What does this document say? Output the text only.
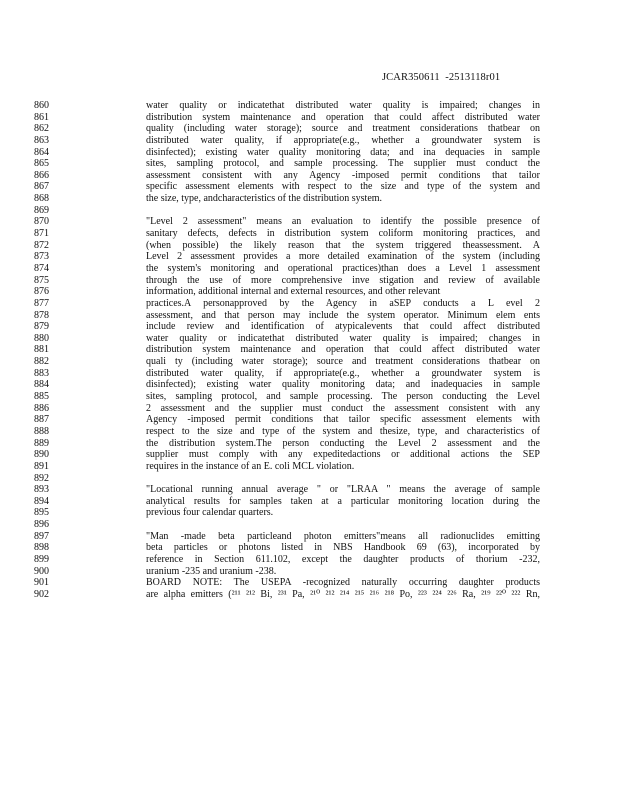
JCAR350611  -2513118r01
860
861
862
863
864
865
866
867
868
869
870
871
872
873
874
875
876
877
878
879
880
881
882
883
884
885
886
887
888
889
890
891
892
893
894
895
896
897
898
899
900
901
902
water quality or indicatethat distributed water quality is impaired; changes in
distribution system maintenance and operation that could affect distributed water
quality (including water storage); source and treatment considerations thatbear on
distributed water quality, if appropriate(e.g., whether a groundwater system is
disinfected); existing water quality monitoring data; and ina dequacies in sample
sites, sampling protocol, and sample processing. The supplier must conduct the
assessment consistent with any Agency -imposed permit conditions that tailor
specific assessment elements with respect to the size and type of the system and
the size, type, andcharacteristics of the distribution system.
"Level 2 assessment" means an evaluation to identify the possible presence of
sanitary defects, defects in distribution system coliform monitoring practices, and
(when possible) the likely reason that the system triggered theassessment. A
Level 2 assessment provides a more detailed examination of the system (including
the system's monitoring and operational practices)than does a Level 1 assessment
through the use of more comprehensive inve stigation and review of available
information, additional internal and external resources, and other relevant
practices.A personapproved by the Agency in aSEP conducts a L evel 2
assessment, and that person may include the system operator. Minimum elem ents
include review and identification of atypicalevents that could affect distributed
water quality or indicatethat distributed water quality is impaired; changes in
distribution system maintenance and operation that could affect distributed water
quali ty (including water storage); source and treatment considerations thatbear on
distributed water quality, if appropriate(e.g., whether a groundwater system is
disinfected); existing water quality monitoring data; and inadequacies in sample
sites, sampling protocol, and sample processing. The person conducting the Level
2 assessment and the supplier must conduct the assessment consistent with any
Agency -imposed permit conditions that tailor specific assessment elements with
respect to the size and type of the system and thesize, type, and characteristics of
the distribution system.The person conducting the Level 2 assessment and the
supplier must comply with any expeditedactions or additional actions the SEP
requires in the instance of an E. coli MCL violation.
"Locational running annual average " or "LRAA " means the average of sample
analytical results for samples taken at a particular monitoring location during the
previous four calendar quarters.
"Man -made beta particleand photon emitters"means all radionuclides emitting
beta particles or photons listed in NBS Handbook 69 (63), incorporated by
reference in Section 611.102, except the daughter products of thorium -232,
uranium -235 and uranium -238.
BOARD NOTE: The USEPA -recognized naturally occurring daughter products
are alpha emitters (²¹¹ ²¹² Bi, ²³¹ Pa, ²¹⁰ ²¹² ²¹⁴ ²¹⁵ ²¹⁶ ²¹⁸ Po, ²²³ ²²⁴ ²²⁶ Ra, ²¹⁹ ²²⁰ ²²² Rn,
